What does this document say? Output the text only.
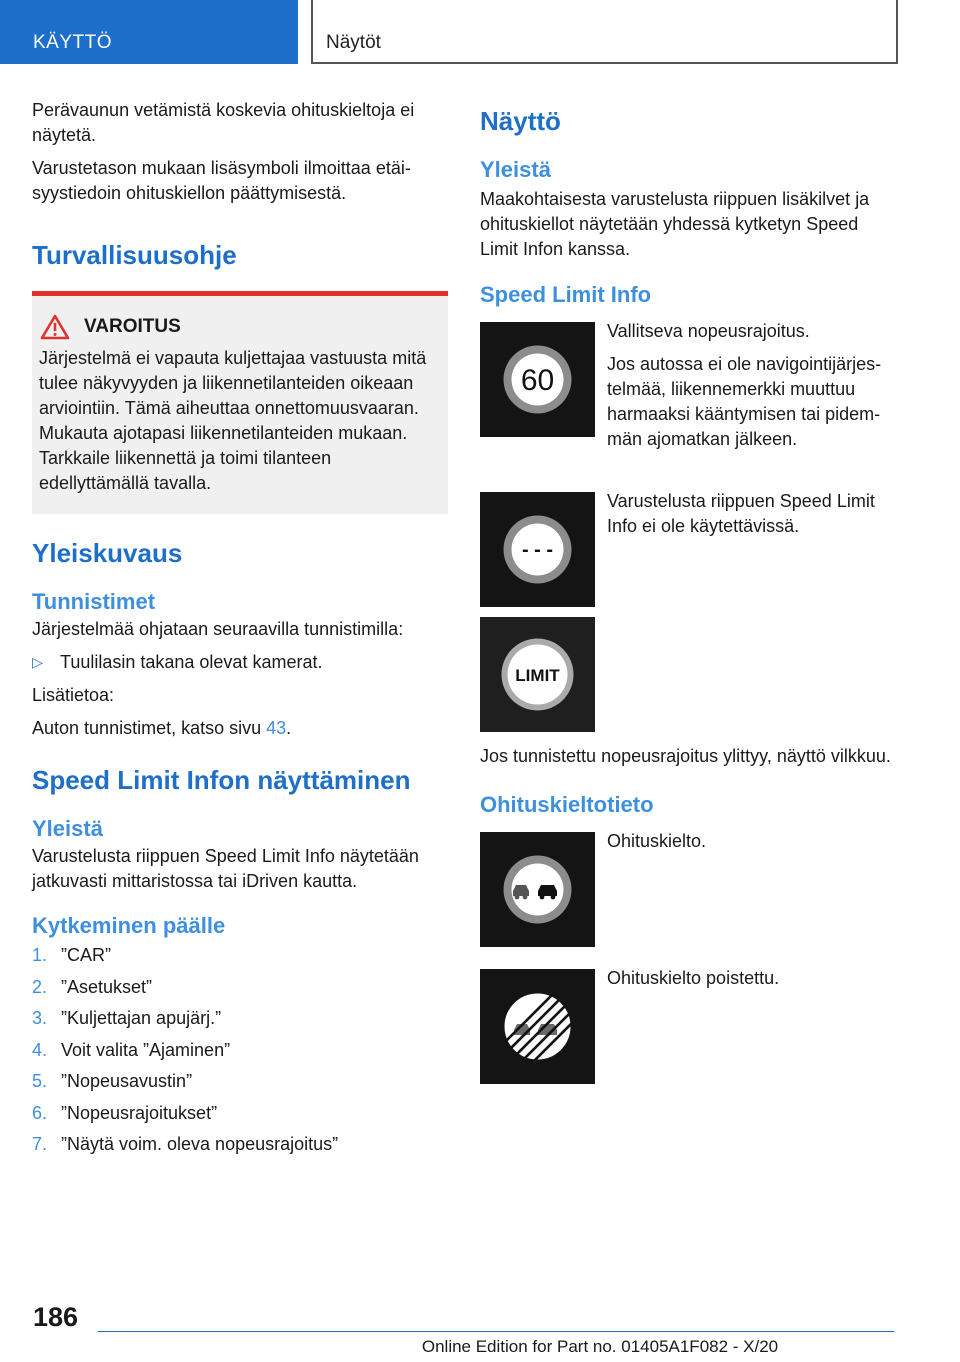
KÄYTTÖ	Näytöt

Perävaunun vetämistä koskevia ohituskieltoja ei näytetä.

Varustetason mukaan lisäsymboli ilmoittaa etäisyystiedoin ohituskiellon päättymisestä.

Turvallisuusohje
VAROITUS

Järjestelmä ei vapauta kuljettajaa vastuusta mitä tulee näkyvyyden ja liikennetilanteiden oikeaan arviointiin. Tämä aiheuttaa onnettomuusvaaran. Mukauta ajotapasi liikennetilanteiden mukaan. Tarkkaile liikennettä ja toimi tilanteen edellyttämällä tavalla.

Yleiskuvaus
Tunnistimet

Järjestelmää ohjataan seuraavilla tunnistimilla:

▷ Tuulilasin takana olevat kamerat.

Lisätietoa:

Auton tunnistimet, katso sivu 43.

Speed Limit Infon näyttäminen
Yleistä

Varustelusta riippuen Speed Limit Info näytetään jatkuvasti mittaristossa tai iDriven kautta.

Kytkeminen päälle
1. ”CAR”
2. ”Asetukset”
3. ”Kuljettajan apujärj.”
4. Voit valita ”Ajaminen”
5. ”Nopeusavustin”
6. ”Nopeusrajoitukset”
7. ”Näytä voim. oleva nopeusrajoitus”
Näyttö
Yleistä

Maakohtaisesta varustelusta riippuen lisäkilvet ja ohituskiellot näytetään yhdessä kytketyn Speed Limit Infon kanssa.

Speed Limit Info
60

Vallitseva nopeusrajoitus.

Jos autossa ei ole navigointijärjestelmää, liikennemerkki muuttuu harmaaksi kääntymisen tai pidemmän ajomatkan jälkeen.

- - -

Varustelusta riippuen Speed Limit Info ei ole käytettävissä.

LIMIT

Jos tunnistettu nopeusrajoitus ylittyy, näyttö vilkkuu.

Ohituskieltotieto

Ohituskielto.

Ohituskielto poistettu.

186
Online Edition for Part no. 01405A1F082 - X/20
